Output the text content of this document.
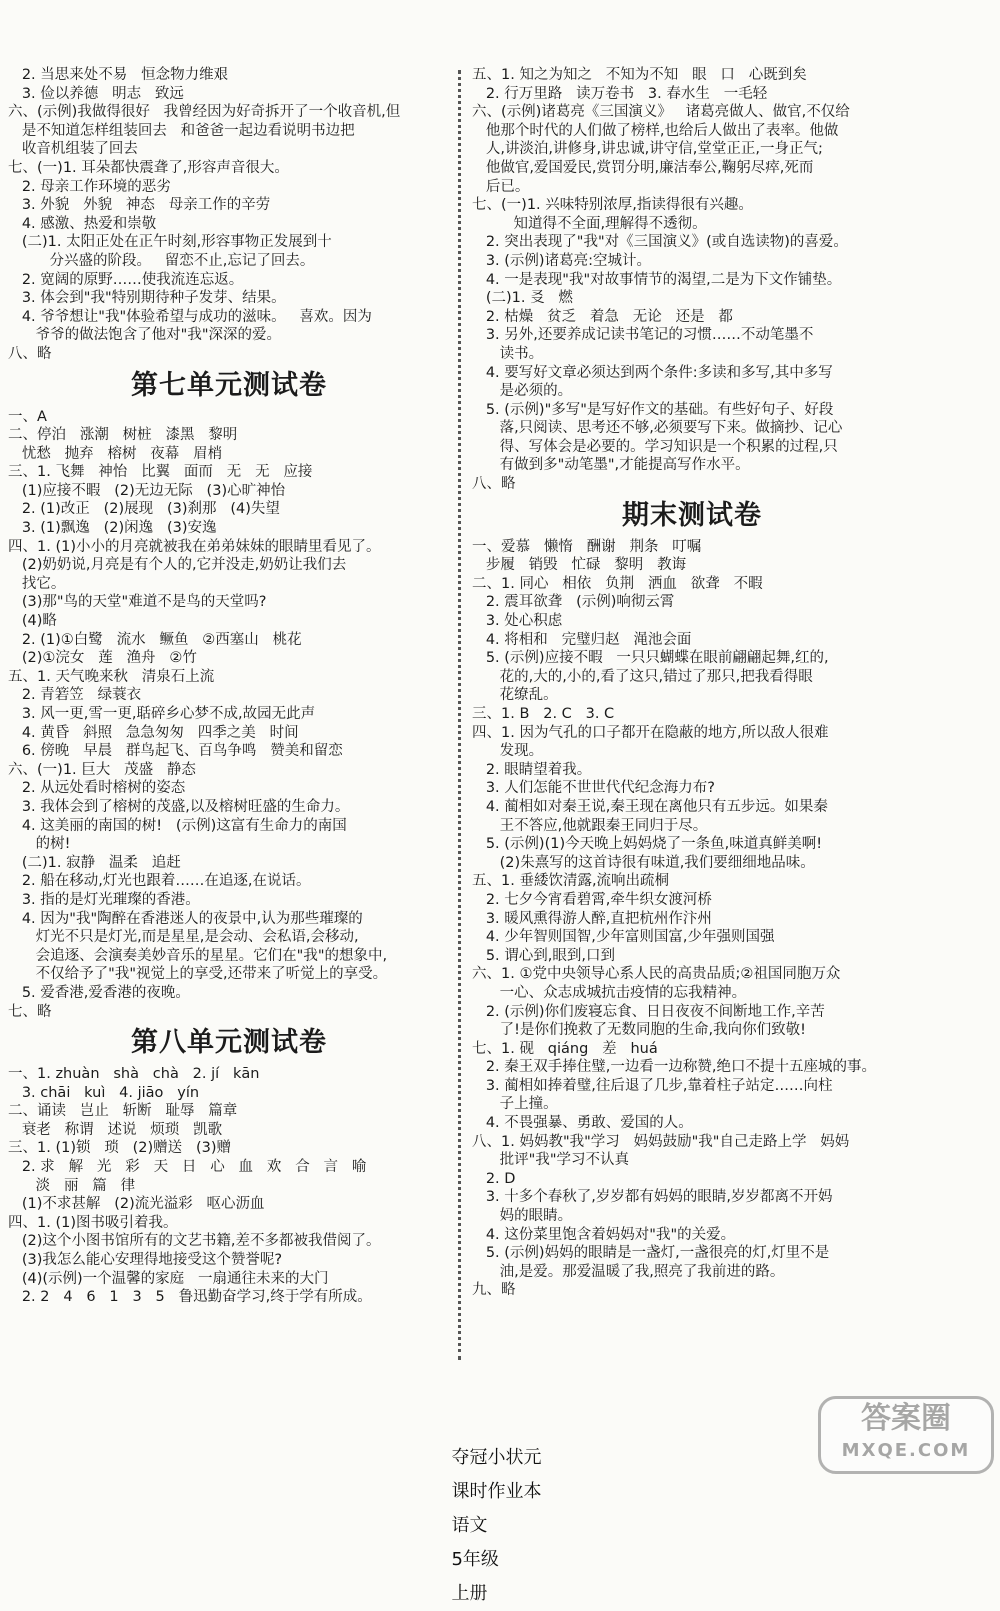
2. 当思来处不易   恒念物力维艰
3. 俭以养德   明志   致远
六、(示例)我做得很好   我曾经因为好奇拆开了一个收音机,但
是不知道怎样组装回去   和爸爸一起边看说明书边把
收音机组装了回去
七、(一)1. 耳朵都快震聋了,形容声音很大。
2. 母亲工作环境的恶劣
3. 外貌   外貌   神态   母亲工作的辛劳
4. 感激、热爱和崇敬
(二)1. 太阳正处在正午时刻,形容事物正发展到十
分兴盛的阶段。   留恋不止,忘记了回去。
2. 宽阔的原野……使我流连忘返。
3. 体会到"我"特别期待种子发芽、结果。
4. 爷爷想让"我"体验希望与成功的滋味。   喜欢。因为
爷爷的做法饱含了他对"我"深深的爱。
八、略
第七单元测试卷
一、A
二、停泊   涨潮   树桩   漆黑   黎明
忧愁   抛弃   榕树   夜幕   眉梢
三、1. 飞舞   神怡   比翼   面而   无   无   应接
(1)应接不暇   (2)无边无际   (3)心旷神怡
2. (1)改正   (2)展现   (3)刹那   (4)失望
3. (1)飘逸   (2)闲逸   (3)安逸
四、1. (1)小小的月亮就被我在弟弟妹妹的眼睛里看见了。
(2)奶奶说,月亮是有个人的,它并没走,奶奶让我们去
找它。
(3)那"鸟的天堂"难道不是鸟的天堂吗?
(4)略
2. (1)①白鹭   流水   鳜鱼   ②西塞山   桃花
(2)①浣女   莲   渔舟   ②竹
五、1. 天气晚来秋   清泉石上流
2. 青箬笠   绿蓑衣
3. 风一更,雪一更,聒碎乡心梦不成,故园无此声
4. 黄昏   斜照   急急匆匆   四季之美   时间
6. 傍晚   早晨   群鸟起飞、百鸟争鸣   赞美和留恋
六、(一)1. 巨大   茂盛   静态
2. 从远处看时榕树的姿态
3. 我体会到了榕树的茂盛,以及榕树旺盛的生命力。
4. 这美丽的南国的树!   (示例)这富有生命力的南国
的树!
(二)1. 寂静   温柔   追赶
2. 船在移动,灯光也跟着……在追逐,在说话。
3. 指的是灯光璀璨的香港。
4. 因为"我"陶醉在香港迷人的夜景中,认为那些璀璨的
灯光不只是灯光,而是星星,是会动、会私语,会移动,
会追逐、会演奏美妙音乐的星星。它们在"我"的想象中,
不仅给予了"我"视觉上的享受,还带来了听觉上的享受。
5. 爱香港,爱香港的夜晚。
七、略
第八单元测试卷
一、1. zhuàn   shà   chà   2. jí   kān
3. chāi   kuì   4. jiāo   yín
二、诵读   岂止   斩断   耻辱   篇章
衰老   称谓   述说   烦琐   凯歌
三、1. (1)锁   琐   (2)赠送   (3)赠
2. 求   解   光   彩   天   日   心   血   欢   合   言   喻
淡   丽   篇   律
(1)不求甚解   (2)流光溢彩   呕心沥血
四、1. (1)图书吸引着我。
(2)这个小图书馆所有的文艺书籍,差不多都被我借阅了。
(3)我怎么能心安理得地接受这个赞誉呢?
(4)(示例)一个温馨的家庭   一扇通往未来的大门
2. 2   4   6   1   3   5   鲁迅勤奋学习,终于学有所成。
五、1. 知之为知之   不知为不知   眼   口   心既到矣
2. 行万里路   读万卷书   3. 春水生   一毛轻
六、(示例)诸葛亮《三国演义》   诸葛亮做人、做官,不仅给
他那个时代的人们做了榜样,也给后人做出了表率。他做
人,讲淡泊,讲修身,讲忠诚,讲守信,堂堂正正,一身正气;
他做官,爱国爱民,赏罚分明,廉洁奉公,鞠躬尽瘁,死而
后已。
七、(一)1. 兴味特别浓厚,指读得很有兴趣。
知道得不全面,理解得不透彻。
2. 突出表现了"我"对《三国演义》(或自选读物)的喜爱。
3. (示例)诸葛亮:空城计。
4. 一是表现"我"对故事情节的渴望,二是为下文作铺垫。
(二)1. 㕛   燃
2. 枯燥   贫乏   着急   无论   还是   都
3. 另外,还要养成记读书笔记的习惯……不动笔墨不
读书。
4. 要写好文章必须达到两个条件:多读和多写,其中多写
是必须的。
5. (示例)"多写"是写好作文的基础。有些好句子、好段
落,只阅读、思考还不够,必须要写下来。做摘抄、记心
得、写体会是必要的。学习知识是一个积累的过程,只
有做到多"动笔墨",才能提高写作水平。
八、略
期末测试卷
一、爱慕   懒惰   酬谢   荆条   叮嘱
步履   销毁   忙碌   黎明   教诲
二、1. 同心   相依   负荆   洒血   欲聋   不暇
2. 震耳欲聋   (示例)响彻云霄
3. 处心积虑
4. 将相和   完璧归赵   渑池会面
5. (示例)应接不暇   一只只蝴蝶在眼前翩翩起舞,红的,
花的,大的,小的,看了这只,错过了那只,把我看得眼
花缭乱。
三、1. B   2. C   3. C
四、1. 因为气孔的口子都开在隐蔽的地方,所以敌人很难
发现。
2. 眼睛望着我。
3. 人们怎能不世世代代纪念海力布?
4. 蔺相如对秦王说,秦王现在离他只有五步远。如果秦
王不答应,他就跟秦王同归于尽。
5. (示例)(1)今天晚上妈妈烧了一条鱼,味道真鲜美啊!
(2)朱熹写的这首诗很有味道,我们要细细地品味。
五、1. 垂緌饮清露,流响出疏桐
2. 七夕今宵看碧霄,牵牛织女渡河桥
3. 暖风熏得游人醉,直把杭州作汴州
4. 少年智则国智,少年富则国富,少年强则国强
5. 谓心到,眼到,口到
六、1. ①党中央领导心系人民的高贵品质;②祖国同胞万众
一心、众志成城抗击疫情的忘我精神。
2. (示例)你们废寝忘食、日日夜夜不间断地工作,辛苦
了!是你们挽救了无数同胞的生命,我向你们致敬!
七、1. 砚   qiáng   差   huá
2. 秦王双手捧住璧,一边看一边称赞,绝口不提十五座城的事。
3. 蔺相如捧着璧,往后退了几步,靠着柱子站定……向柱
子上撞。
4. 不畏强暴、勇敢、爱国的人。
八、1. 妈妈教"我"学习   妈妈鼓励"我"自己走路上学   妈妈
批评"我"学习不认真
2. D
3. 十多个春秋了,岁岁都有妈妈的眼睛,岁岁都离不开妈
妈的眼睛。
4. 这份菜里饱含着妈妈对"我"的关爱。
5. (示例)妈妈的眼睛是一盏灯,一盏很亮的灯,灯里不是
油,是爱。那爱温暖了我,照亮了我前进的路。
九、略

夺冠小状元
课时作业本
语文
5年级
上册

答案圈
MXQE.COM
